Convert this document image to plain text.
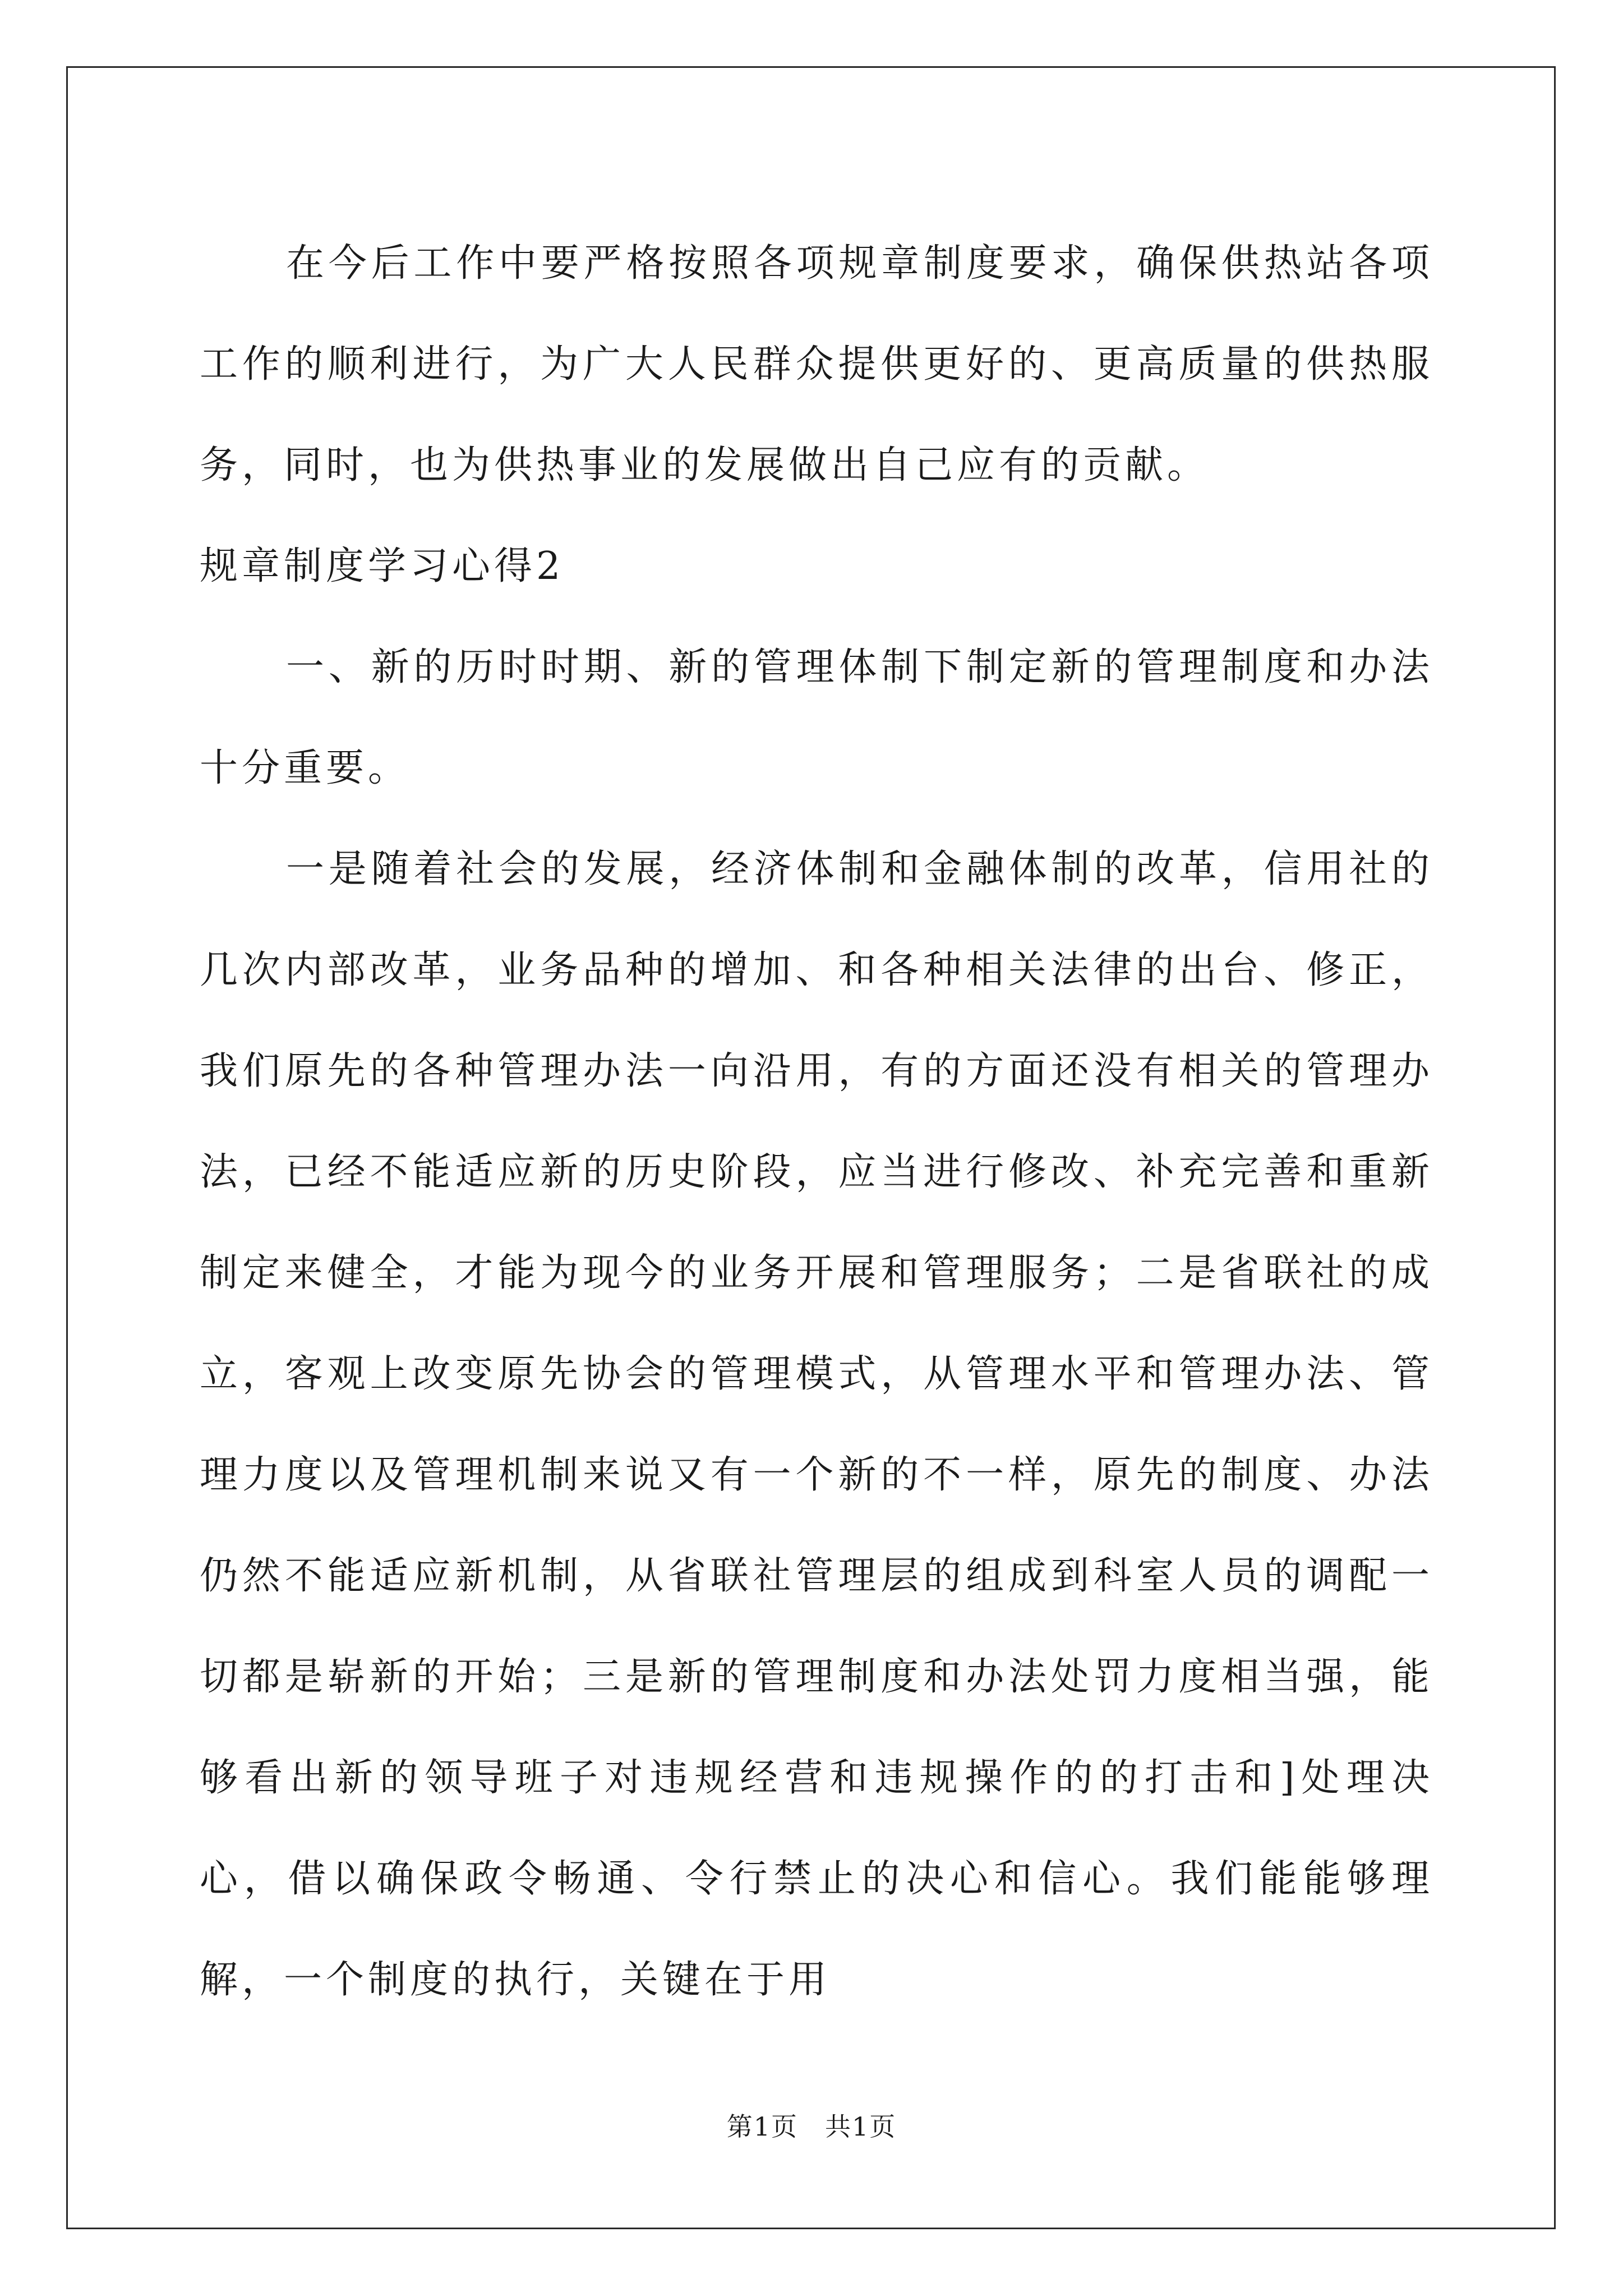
在今后工作中要严格按照各项规章制度要求，确保供热站各项工作的顺利进行，为广大人民群众提供更好的、更高质量的供热服务，同时，也为供热事业的发展做出自己应有的贡献。

规章制度学习心得2

一、新的历时时期、新的管理体制下制定新的管理制度和办法十分重要。

一是随着社会的发展，经济体制和金融体制的改革，信用社的几次内部改革，业务品种的增加、和各种相关法律的出台、修正，我们原先的各种管理办法一向沿用，有的方面还没有相关的管理办法，已经不能适应新的历史阶段，应当进行修改、补充完善和重新制定来健全，才能为现今的业务开展和管理服务；二是省联社的成立，客观上改变原先协会的管理模式，从管理水平和管理办法、管理力度以及管理机制来说又有一个新的不一样，原先的制度、办法仍然不能适应新机制，从省联社管理层的组成到科室人员的调配一切都是崭新的开始；三是新的管理制度和办法处罚力度相当强，能够看出新的领导班子对违规经营和违规操作的的打击和]处理决心，借以确保政令畅通、令行禁止的决心和信心。我们能能够理解，一个制度的执行，关键在于用

第1页　共1页
